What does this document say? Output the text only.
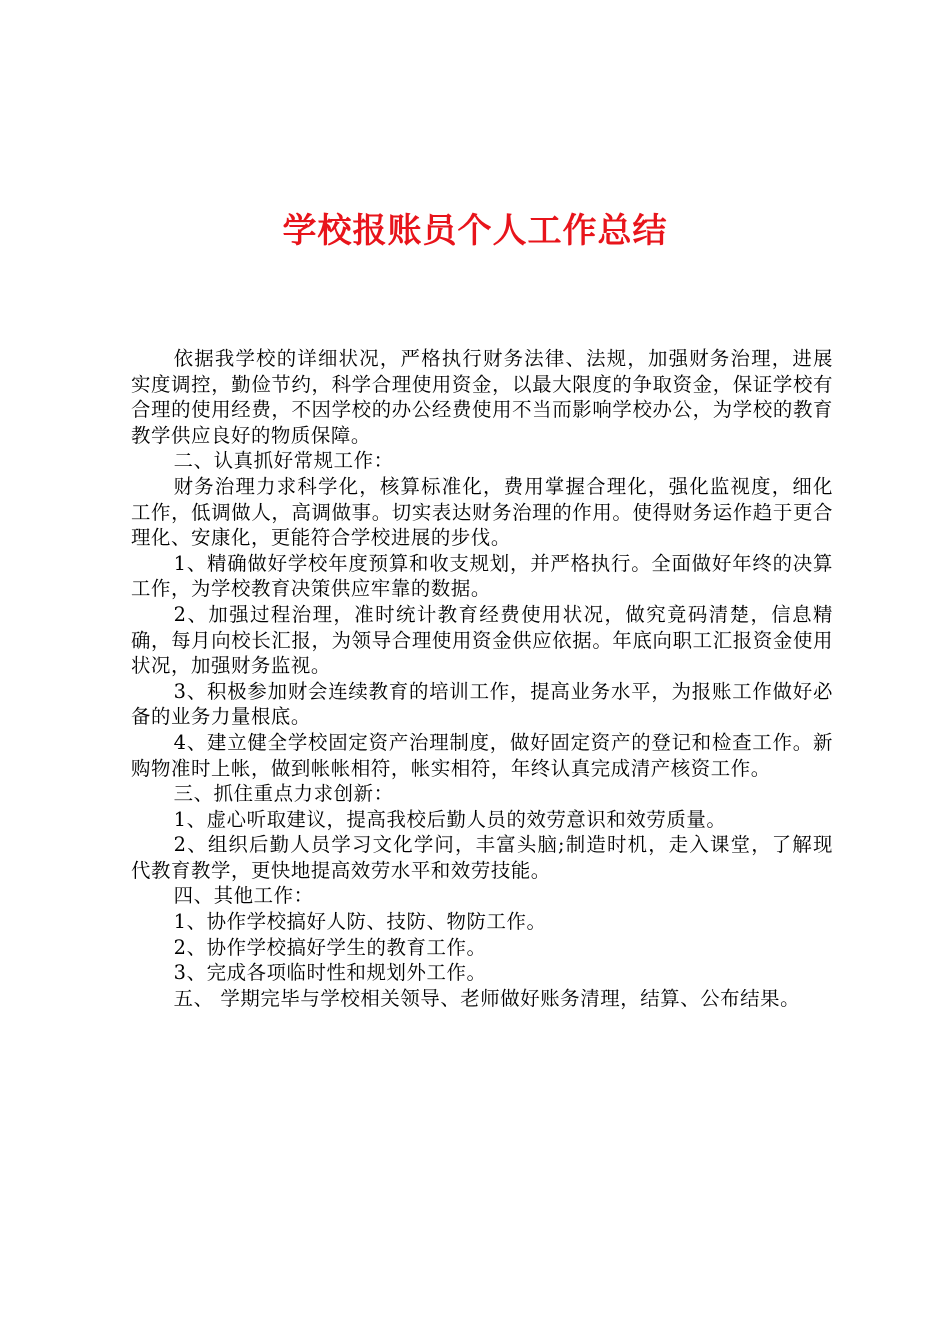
学校报账员个人工作总结

依据我学校的详细状况，严格执行财务法律、法规，加强财务治理，进展实度调控，勤俭节约，科学合理使用资金，以最大限度的争取资金，保证学校有合理的使用经费，不因学校的办公经费使用不当而影响学校办公，为学校的教育教学供应良好的物质保障。

二、认真抓好常规工作：

财务治理力求科学化，核算标准化，费用掌握合理化，强化监视度，细化工作，低调做人，高调做事。切实表达财务治理的作用。使得财务运作趋于更合理化、安康化，更能符合学校进展的步伐。

1、精确做好学校年度预算和收支规划，并严格执行。全面做好年终的决算工作，为学校教育决策供应牢靠的数据。

2、加强过程治理，准时统计教育经费使用状况，做究竟码清楚，信息精确，每月向校长汇报，为领导合理使用资金供应依据。年底向职工汇报资金使用状况，加强财务监视。

3、积极参加财会连续教育的培训工作，提高业务水平，为报账工作做好必备的业务力量根底。

4、建立健全学校固定资产治理制度，做好固定资产的登记和检查工作。新购物准时上帐，做到帐帐相符，帐实相符，年终认真完成清产核资工作。

三、抓住重点力求创新：

1、虚心听取建议，提高我校后勤人员的效劳意识和效劳质量。

2、组织后勤人员学习文化学问，丰富头脑;制造时机，走入课堂，了解现代教育教学，更快地提高效劳水平和效劳技能。

四、其他工作：

1、协作学校搞好人防、技防、物防工作。

2、协作学校搞好学生的教育工作。

3、完成各项临时性和规划外工作。

五、 学期完毕与学校相关领导、老师做好账务清理，结算、公布结果。
